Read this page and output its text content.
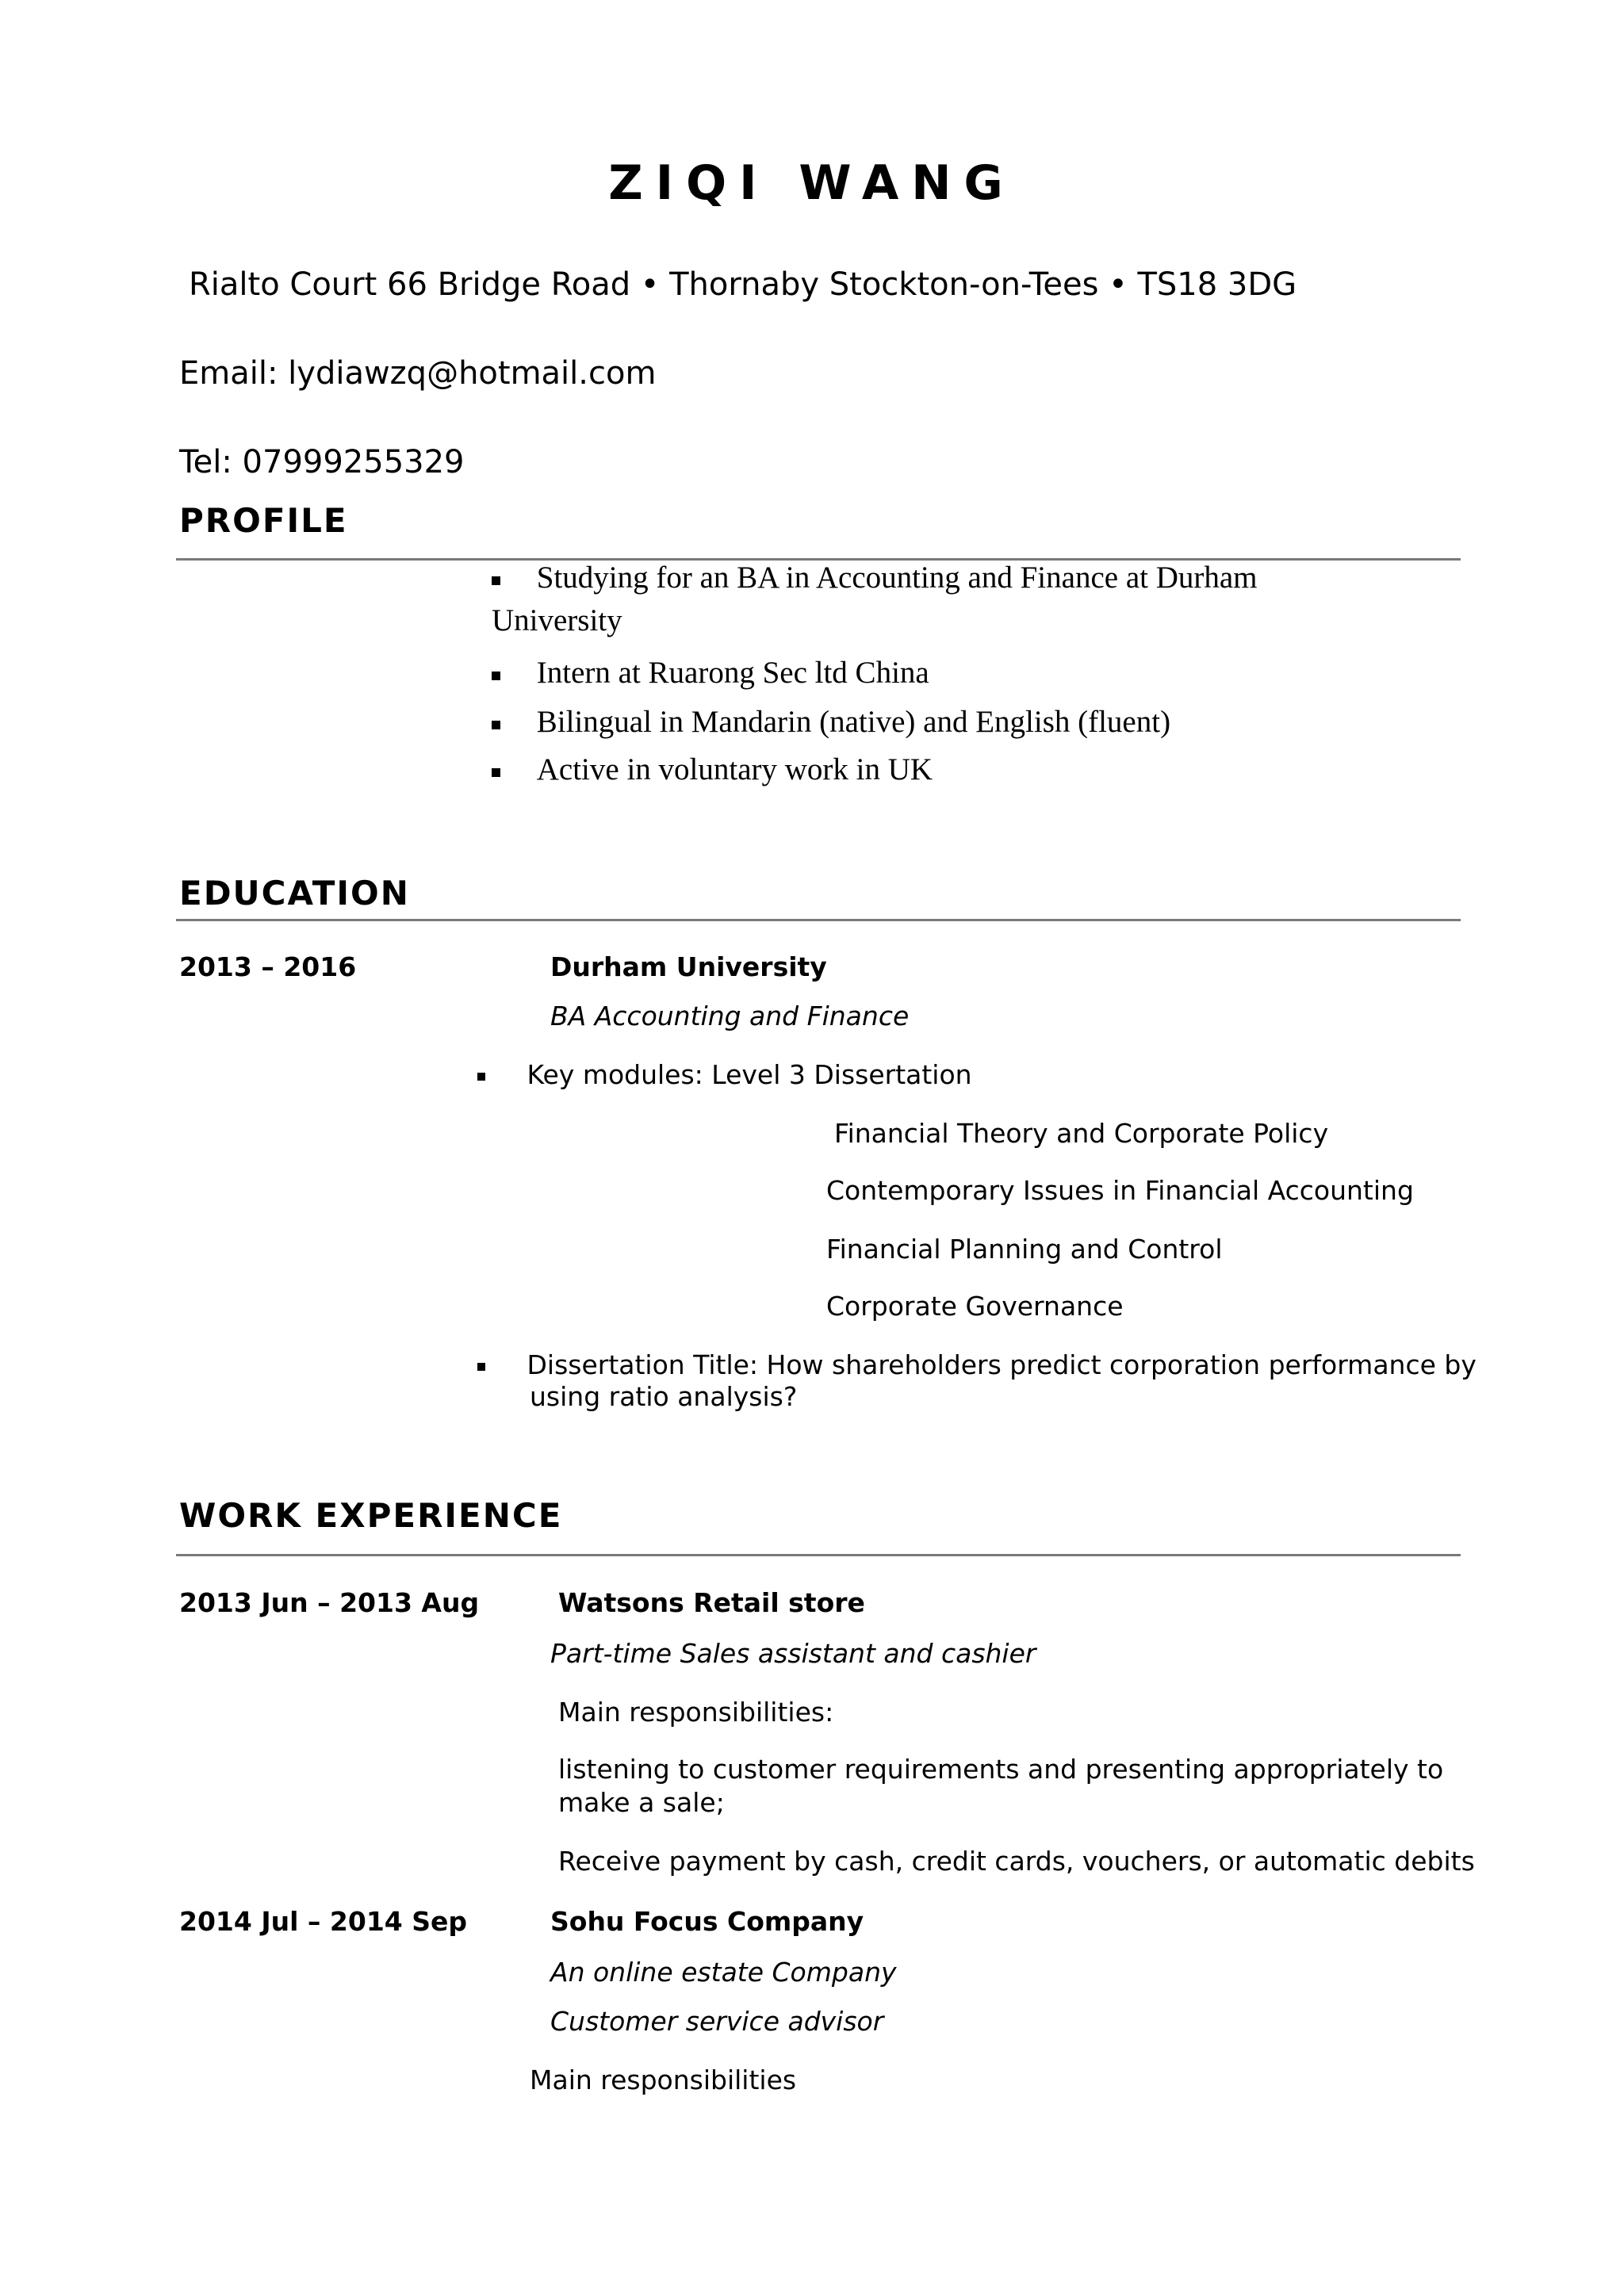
ZIQI WANG
Rialto Court 66 Bridge Road • Thornaby Stockton-on-Tees • TS18 3DG
Email: lydiawzq@hotmail.com
Tel: 07999255329
PROFILE
Studying for an BA in Accounting and Finance at Durham
University
Intern at Ruarong Sec ltd China
Bilingual in Mandarin (native) and English (fluent)
Active in voluntary work in UK
EDUCATION
2013 – 2016	Durham University
BA Accounting and Finance
Key modules: Level 3 Dissertation
Financial Theory and Corporate Policy
Contemporary Issues in Financial Accounting
Financial Planning and Control
Corporate Governance
Dissertation Title: How shareholders predict corporation performance by
using ratio analysis?
WORK EXPERIENCE
2013 Jun – 2013 Aug	Watsons Retail store
Part-time Sales assistant and cashier
Main responsibilities:
listening to customer requirements and presenting appropriately to
make a sale;
Receive payment by cash, credit cards, vouchers, or automatic debits
2014 Jul – 2014 Sep	Sohu Focus Company
An online estate Company
Customer service advisor
Main responsibilities
